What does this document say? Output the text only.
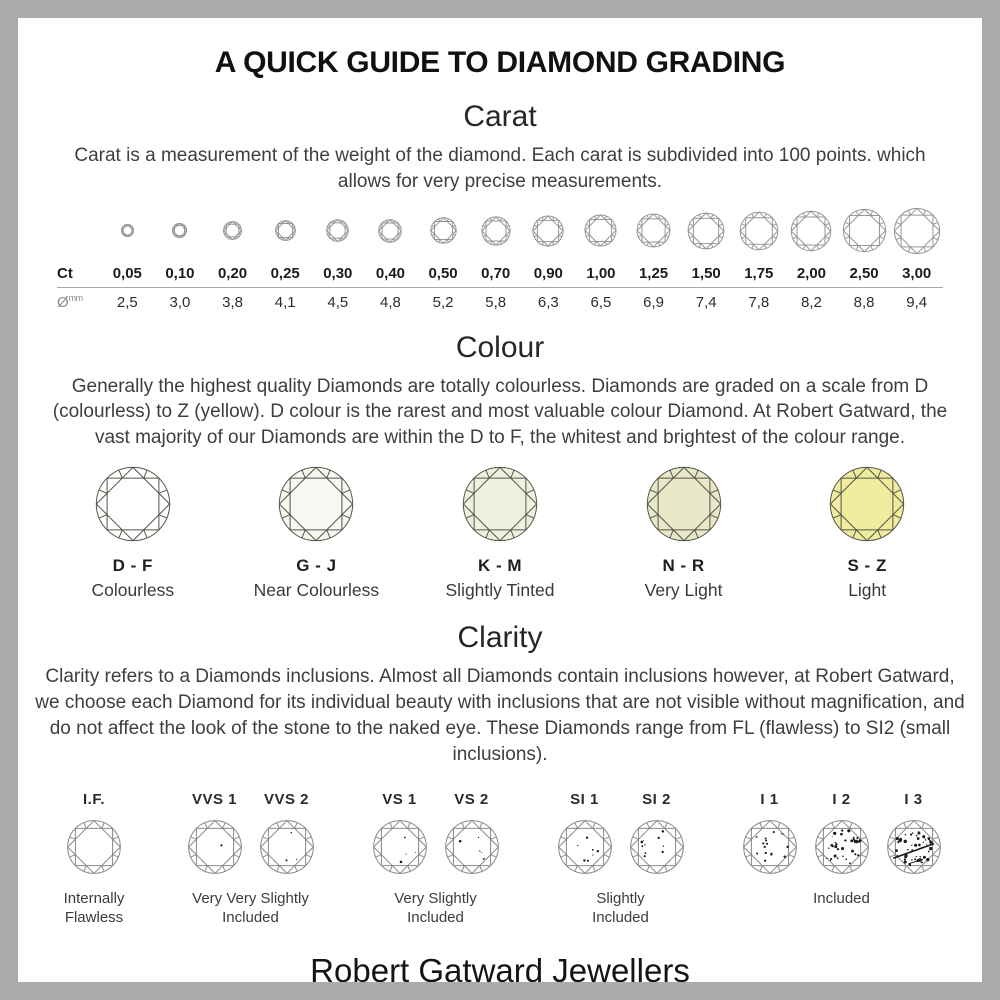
A QUICK GUIDE TO DIAMOND GRADING
Carat

Carat is a measurement of the weight of the diamond. Each carat is subdivided into 100 points. which allows for very precise measurements.

Ct	0,05	0,10	0,20	0,25	0,30	0,40	0,50	0,70	0,90	1,00	1,25	1,50	1,75	2,00	2,50	3,00
$Ø^{mm}$	2,5	3,0	3,8	4,1	4,5	4,8	5,2	5,8	6,3	6,5	6,9	7,4	7,8	8,2	8,8	9,4
Colour

Generally the highest quality Diamonds are totally colourless. Diamonds are graded on a scale from D (colourless) to Z (yellow). D colour is the rarest and most valuable colour Diamond. At Robert Gatward, the vast majority of our Diamonds are within the D to F, the whitest and brightest of the colour range.

D - F
Colourless
G - J
Near Colourless
K - M
Slightly Tinted
N - R
Very Light
S - Z
Light
Clarity

Clarity refers to a Diamonds inclusions. Almost all Diamonds contain inclusions however, at Robert Gatward, we choose each Diamond for its individual beauty with inclusions that are not visible without magnification, and do not affect the look of the stone to the naked eye. These Diamonds range from FL (flawless) to SI2 (small inclusions).

I.F.
Internally Flawless
VVS 1 VVS 2
Very Very Slightly Included
VS 1 VS 2
Very Slightly Included
SI 1	SI 2
Slightly Included
I 1	I 2	I 3
Included
Robert Gatward Jewellers
